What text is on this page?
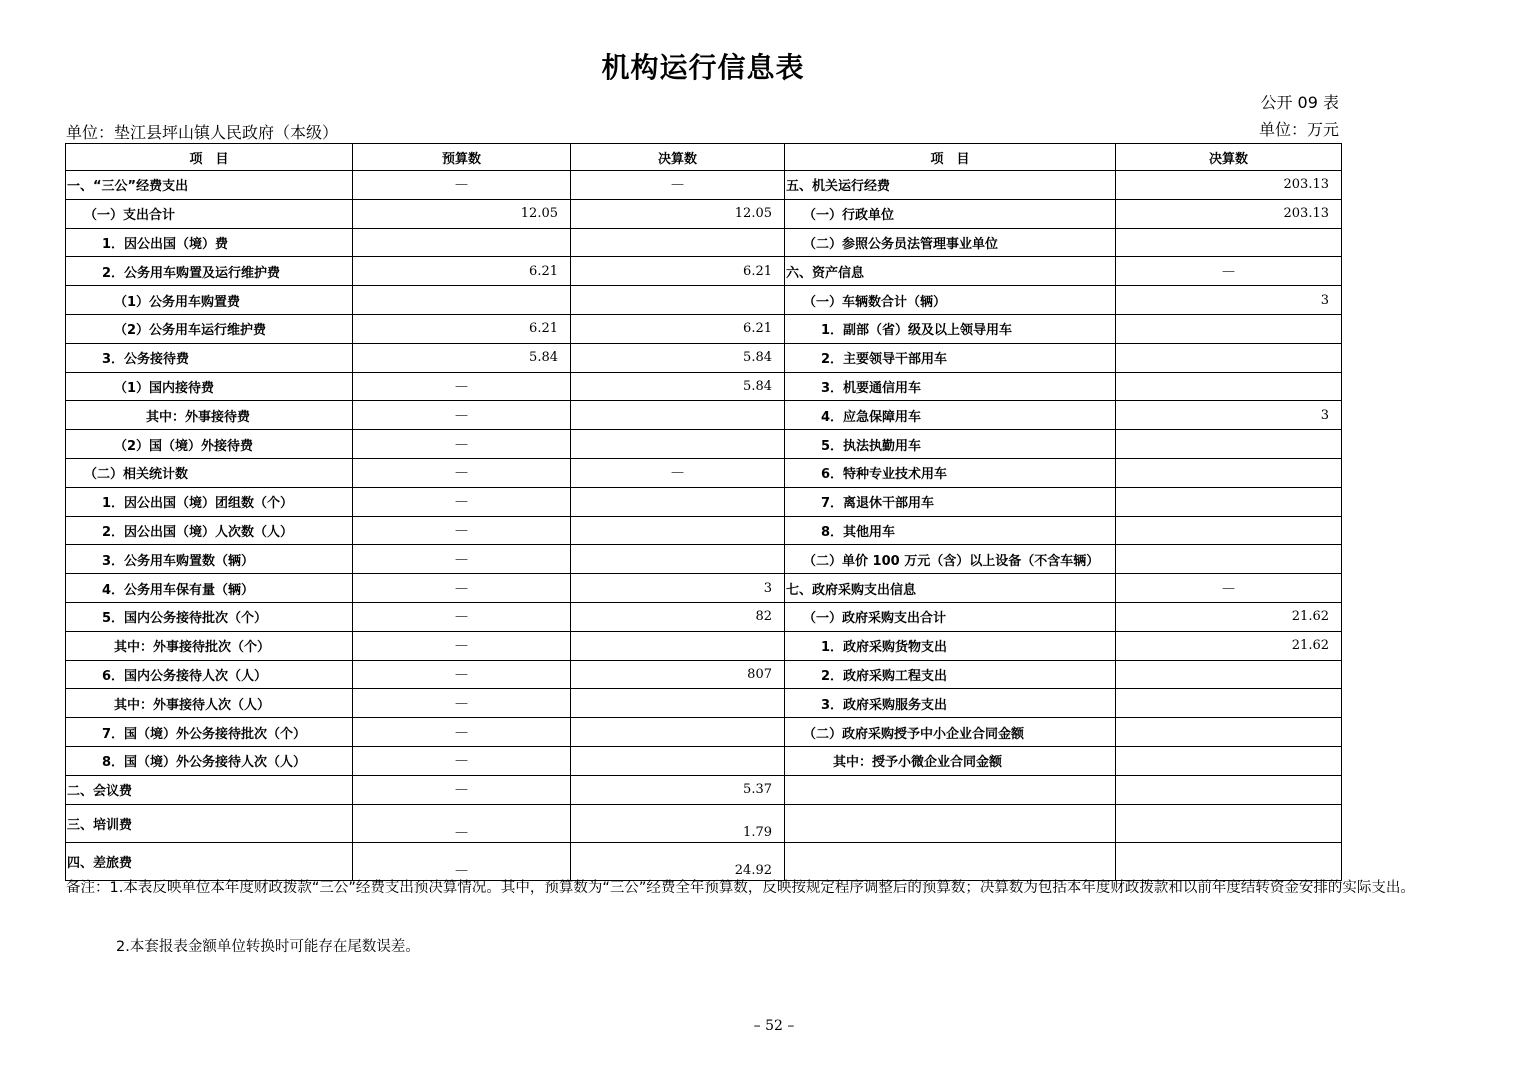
机构运行信息表
公开 09 表
单位：垫江县坪山镇人民政府（本级）	单位：万元
项　目	预算数	决算数	项　目	决算数
一、“三公”经费支出	—	—	五、机关运行经费	203.13
（一）支出合计	12.05	12.05	（一）行政单位	203.13
1．因公出国（境）费			（二）参照公务员法管理事业单位	
2．公务用车购置及运行维护费	6.21	6.21	六、资产信息	—
（1）公务用车购置费			（一）车辆数合计（辆）	3
（2）公务用车运行维护费	6.21	6.21	1．副部（省）级及以上领导用车	
3．公务接待费	5.84	5.84	2．主要领导干部用车	
（1）国内接待费	—	5.84	3．机要通信用车	
其中：外事接待费	—		4．应急保障用车	3
（2）国（境）外接待费	—		5．执法执勤用车	
（二）相关统计数	—	—	6．特种专业技术用车	
1．因公出国（境）团组数（个）	—		7．离退休干部用车	
2．因公出国（境）人次数（人）	—		8．其他用车	
3．公务用车购置数（辆）	—		（二）单价 100 万元（含）以上设备（不含车辆）	
4．公务用车保有量（辆）	—	3	七、政府采购支出信息	—
5．国内公务接待批次（个）	—	82	（一）政府采购支出合计	21.62
其中：外事接待批次（个）	—		1．政府采购货物支出	21.62
6．国内公务接待人次（人）	—	807	2．政府采购工程支出	
其中：外事接待人次（人）	—		3．政府采购服务支出	
7．国（境）外公务接待批次（个）	—		（二）政府采购授予中小企业合同金额	
8．国（境）外公务接待人次（人）	—		其中：授予小微企业合同金额	
二、会议费	—	5.37		
三、培训费	—	1.79		
四、差旅费	—	24.92		
备注：1.本表反映单位本年度财政拨款“三公”经费支出预决算情况。其中，预算数为“三公”经费全年预算数，反映按规定程序调整后的预算数；决算数为包括本年度财政拨款和以前年度结转资金安排的实际支出。
2.本套报表金额单位转换时可能存在尾数误差。
– 52 –
